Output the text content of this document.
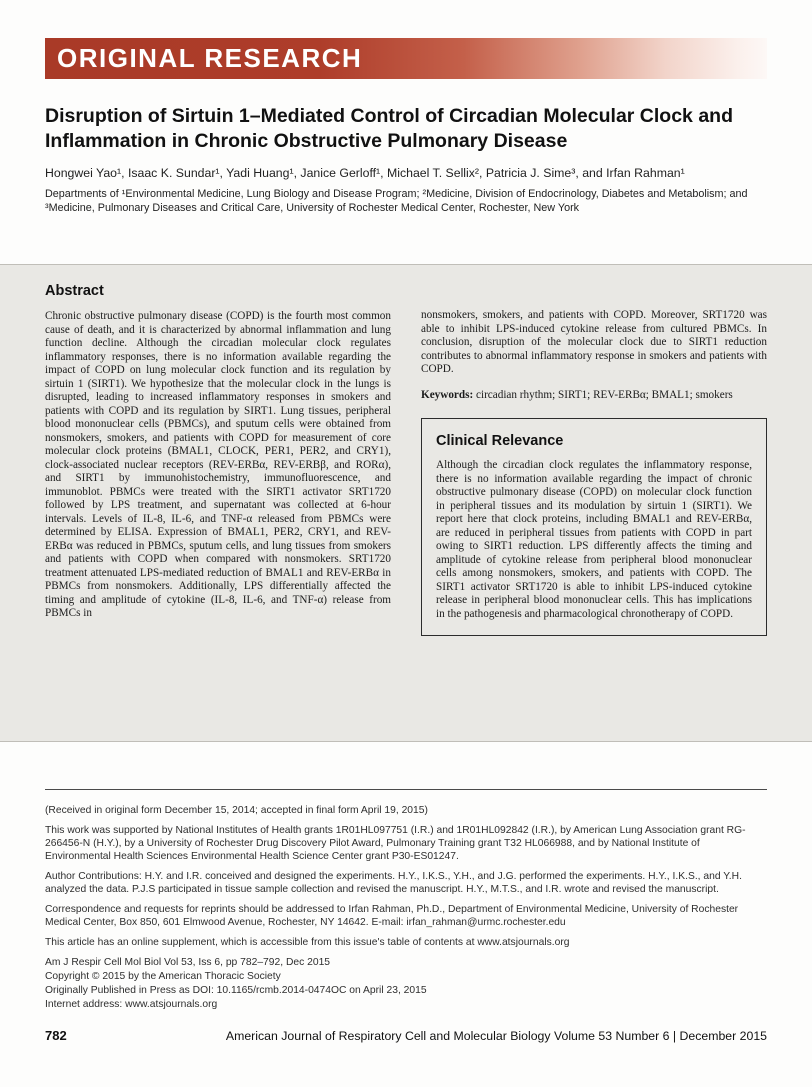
ORIGINAL RESEARCH
Disruption of Sirtuin 1–Mediated Control of Circadian Molecular Clock and Inflammation in Chronic Obstructive Pulmonary Disease
Hongwei Yao¹, Isaac K. Sundar¹, Yadi Huang¹, Janice Gerloff¹, Michael T. Sellix², Patricia J. Sime³, and Irfan Rahman¹
Departments of ¹Environmental Medicine, Lung Biology and Disease Program; ²Medicine, Division of Endocrinology, Diabetes and Metabolism; and ³Medicine, Pulmonary Diseases and Critical Care, University of Rochester Medical Center, Rochester, New York
Abstract

Chronic obstructive pulmonary disease (COPD) is the fourth most common cause of death, and it is characterized by abnormal inflammation and lung function decline. Although the circadian molecular clock regulates inflammatory responses, there is no information available regarding the impact of COPD on lung molecular clock function and its regulation by sirtuin 1 (SIRT1). We hypothesize that the molecular clock in the lungs is disrupted, leading to increased inflammatory responses in smokers and patients with COPD and its regulation by SIRT1. Lung tissues, peripheral blood mononuclear cells (PBMCs), and sputum cells were obtained from nonsmokers, smokers, and patients with COPD for measurement of core molecular clock proteins (BMAL1, CLOCK, PER1, PER2, and CRY1), clock-associated nuclear receptors (REV-ERBα, REV-ERBβ, and RORα), and SIRT1 by immunohistochemistry, immunofluorescence, and immunoblot. PBMCs were treated with the SIRT1 activator SRT1720 followed by LPS treatment, and supernatant was collected at 6-hour intervals. Levels of IL-8, IL-6, and TNF-α released from PBMCs were determined by ELISA. Expression of BMAL1, PER2, CRY1, and REV-ERBα was reduced in PBMCs, sputum cells, and lung tissues from smokers and patients with COPD when compared with nonsmokers. SRT1720 treatment attenuated LPS-mediated reduction of BMAL1 and REV-ERBα in PBMCs from nonsmokers. Additionally, LPS differentially affected the timing and amplitude of cytokine (IL-8, IL-6, and TNF-α) release from PBMCs in

nonsmokers, smokers, and patients with COPD. Moreover, SRT1720 was able to inhibit LPS-induced cytokine release from cultured PBMCs. In conclusion, disruption of the molecular clock due to SIRT1 reduction contributes to abnormal inflammatory response in smokers and patients with COPD.

Keywords: circadian rhythm; SIRT1; REV-ERBα; BMAL1; smokers

Clinical Relevance

Although the circadian clock regulates the inflammatory response, there is no information available regarding the impact of chronic obstructive pulmonary disease (COPD) on molecular clock function in peripheral tissues and its modulation by sirtuin 1 (SIRT1). We report here that clock proteins, including BMAL1 and REV-ERBα, are reduced in peripheral tissues from patients with COPD in part owing to SIRT1 reduction. LPS differently affects the timing and amplitude of cytokine release from peripheral blood mononuclear cells among nonsmokers, smokers, and patients with COPD. The SIRT1 activator SRT1720 is able to inhibit LPS-induced cytokine release in peripheral blood mononuclear cells. This has implications in the pathogenesis and pharmacological chronotherapy of COPD.

(Received in original form December 15, 2014; accepted in final form April 19, 2015)

This work was supported by National Institutes of Health grants 1R01HL097751 (I.R.) and 1R01HL092842 (I.R.), by American Lung Association grant RG-266456-N (H.Y.), by a University of Rochester Drug Discovery Pilot Award, Pulmonary Training grant T32 HL066988, and by National Institute of Environmental Health Sciences Environmental Health Science Center grant P30-ES01247.

Author Contributions: H.Y. and I.R. conceived and designed the experiments. H.Y., I.K.S., Y.H., and J.G. performed the experiments. H.Y., I.K.S., and Y.H. analyzed the data. P.J.S participated in tissue sample collection and revised the manuscript. H.Y., M.T.S., and I.R. wrote and revised the manuscript.

Correspondence and requests for reprints should be addressed to Irfan Rahman, Ph.D., Department of Environmental Medicine, University of Rochester Medical Center, Box 850, 601 Elmwood Avenue, Rochester, NY 14642. E-mail: irfan_rahman@urmc.rochester.edu

This article has an online supplement, which is accessible from this issue's table of contents at www.atsjournals.org

Am J Respir Cell Mol Biol Vol 53, Iss 6, pp 782–792, Dec 2015

Copyright © 2015 by the American Thoracic Society

Originally Published in Press as DOI: 10.1165/rcmb.2014-0474OC on April 23, 2015

Internet address: www.atsjournals.org

782	American Journal of Respiratory Cell and Molecular Biology Volume 53 Number 6 | December 2015
